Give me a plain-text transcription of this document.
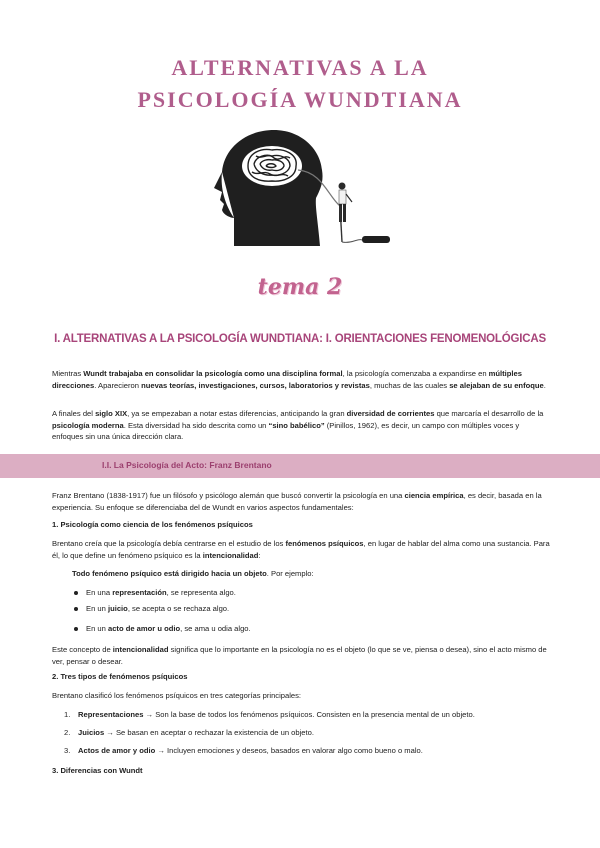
ALTERNATIVAS A LA
PSICOLOGÍA WUNDTIANA
tema 2
I. ALTERNATIVAS A LA PSICOLOGÍA WUNDTIANA: I. ORIENTACIONES FENOMENOLÓGICAS

Mientras Wundt trabajaba en consolidar la psicología como una disciplina formal, la psicología comenzaba a expandirse en múltiples direcciones. Aparecieron nuevas teorías, investigaciones, cursos, laboratorios y revistas, muchas de las cuales se alejaban de su enfoque.

A finales del siglo XIX, ya se empezaban a notar estas diferencias, anticipando la gran diversidad de corrientes que marcaría el desarrollo de la psicología moderna. Esta diversidad ha sido descrita como un “sino babélico” (Pinillos, 1962), es decir, un campo con múltiples voces y enfoques sin una única dirección clara.

I.I. La Psicología del Acto: Franz Brentano

Franz Brentano (1838-1917) fue un filósofo y psicólogo alemán que buscó convertir la psicología en una ciencia empírica, es decir, basada en la experiencia. Su enfoque se diferenciaba del de Wundt en varios aspectos fundamentales:

1. Psicología como ciencia de los fenómenos psíquicos

Brentano creía que la psicología debía centrarse en el estudio de los fenómenos psíquicos, en lugar de hablar del alma como una sustancia. Para él, lo que define un fenómeno psíquico es la intencionalidad:

Todo fenómeno psíquico está dirigido hacia un objeto. Por ejemplo:
En una representación, se representa algo.
En un juicio, se acepta o se rechaza algo.
En un acto de amor u odio, se ama u odia algo.

Este concepto de intencionalidad significa que lo importante en la psicología no es el objeto (lo que se ve, piensa o desea), sino el acto mismo de ver, pensar o desear.

2. Tres tipos de fenómenos psíquicos
Brentano clasificó los fenómenos psíquicos en tres categorías principales:
1. Representaciones → Son la base de todos los fenómenos psíquicos. Consisten en la presencia mental de un objeto.
2. Juicios → Se basan en aceptar o rechazar la existencia de un objeto.
3. Actos de amor y odio → Incluyen emociones y deseos, basados en valorar algo como bueno o malo.
3. Diferencias con Wundt
